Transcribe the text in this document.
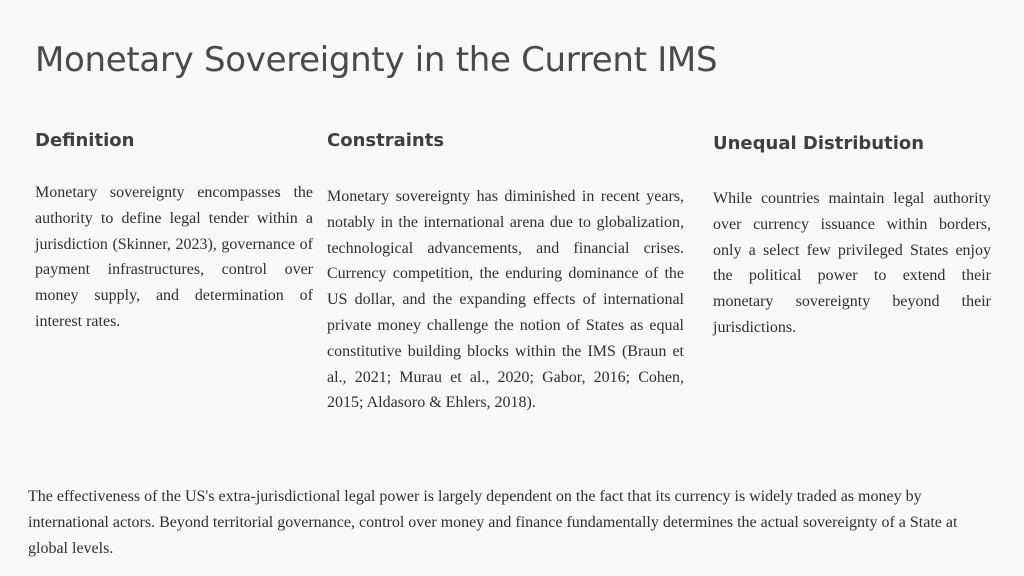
Monetary Sovereignty in the Current IMS
Definition

Monetary sovereignty encompasses the authority to define legal tender within a jurisdiction (Skinner, 2023), governance of payment infrastructures, control over money supply, and determination of interest rates.

Constraints

Monetary sovereignty has diminished in recent years, notably in the international arena due to globalization, technological advancements, and financial crises. Currency competition, the enduring dominance of the US dollar, and the expanding effects of international private money challenge the notion of States as equal constitutive building blocks within the IMS (Braun et al., 2021; Murau et al., 2020; Gabor, 2016; Cohen, 2015; Aldasoro & Ehlers, 2018).

Unequal Distribution

While countries maintain legal authority over currency issuance within borders, only a select few privileged States enjoy the political power to extend their monetary sovereignty beyond their jurisdictions.

The effectiveness of the US's extra-jurisdictional legal power is largely dependent on the fact that its currency is widely traded as money by international actors. Beyond territorial governance, control over money and finance fundamentally determines the actual sovereignty of a State at global levels.
